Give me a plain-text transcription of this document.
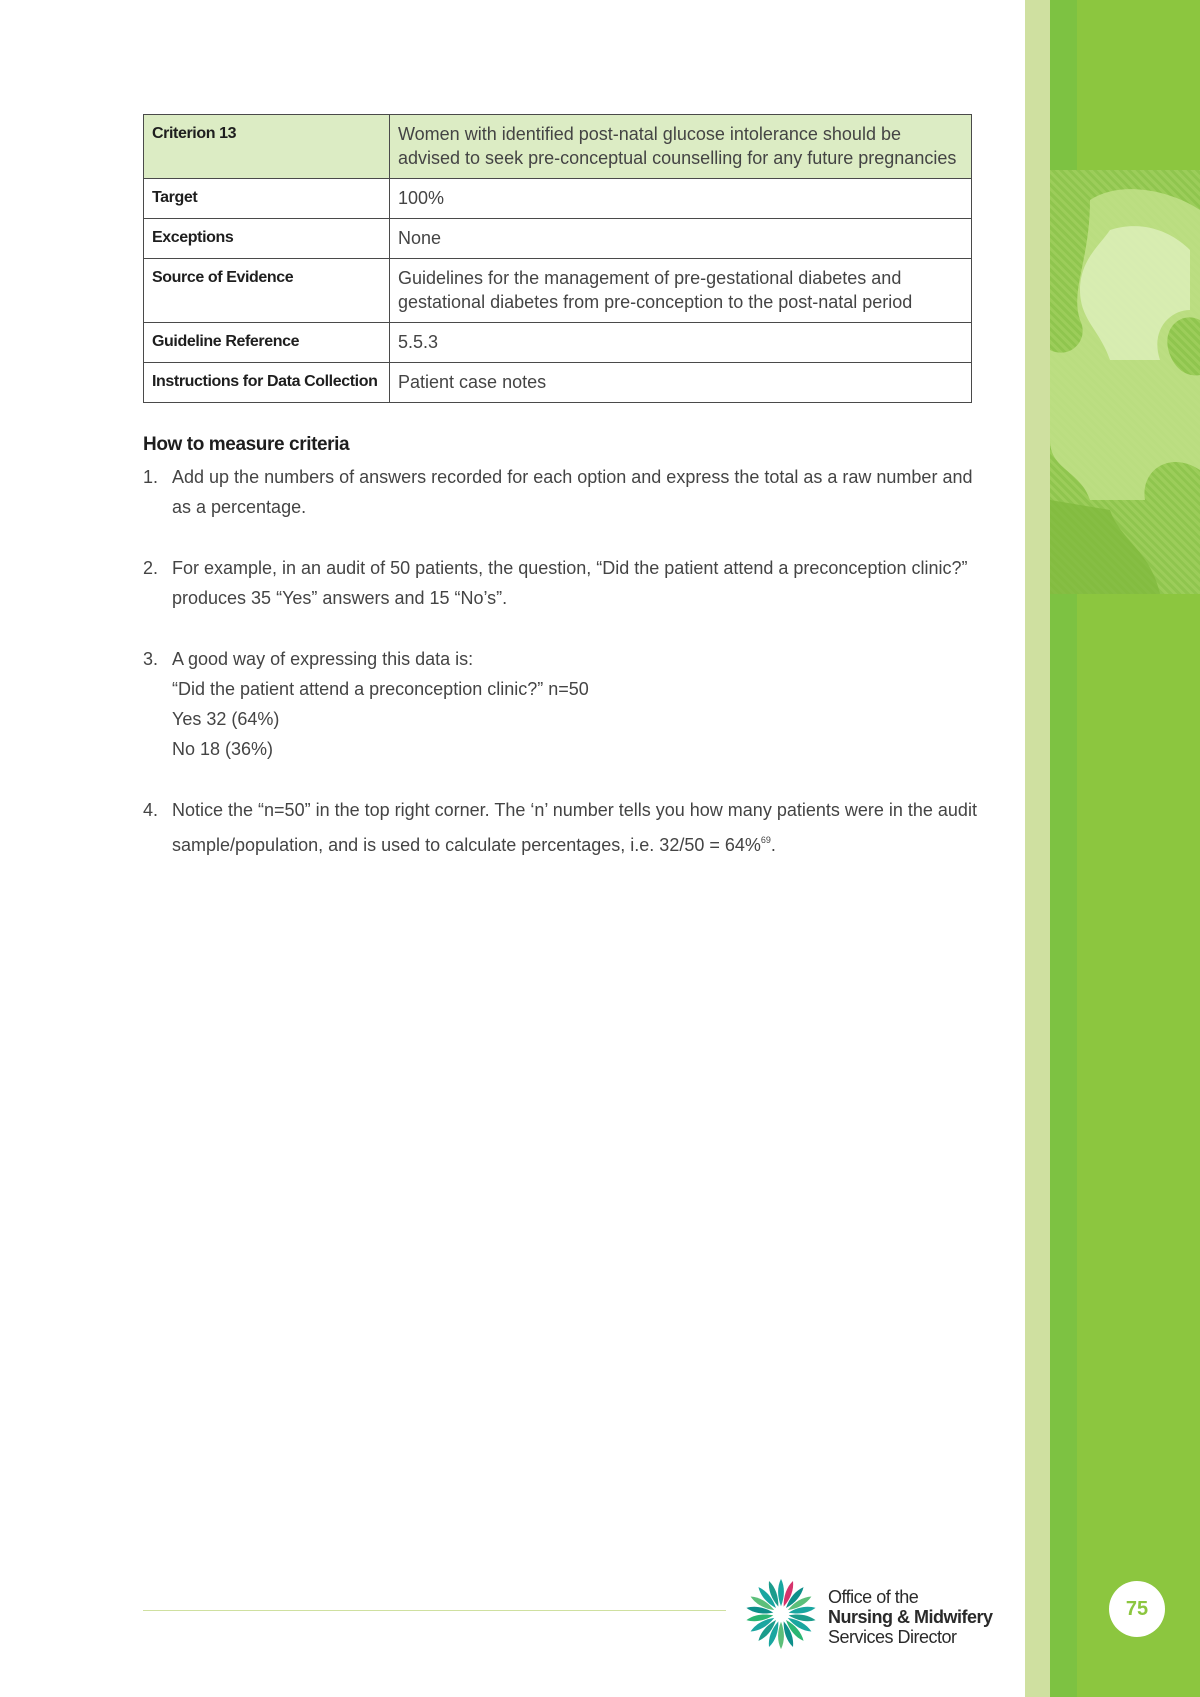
Criterion 13	Women with identified post-natal glucose intolerance should be
advised to seek pre-conceptual counselling for any future pregnancies

Target	100%
Exceptions	None
Source of Evidence	Guidelines for the management of pre-gestational diabetes and
gestational diabetes from pre-conception to the post-natal period

Guideline Reference	5.5.3
Instructions for Data Collection	Patient case notes
How to measure criteria
1. Add up the numbers of answers recorded for each option and express the total as a raw number and
as a percentage.
2. For example, in an audit of 50 patients, the question, “Did the patient attend a preconception clinic?”
produces 35 “Yes” answers and 15 “No’s”.
3. A good way of expressing this data is:
“Did the patient attend a preconception clinic?” n=50
Yes 32 (64%)
No 18 (36%)
4. Notice the “n=50” in the top right corner. The ‘n’ number tells you how many patients were in the audit
sample/population, and is used to calculate percentages, i.e. 32/50 = 64%$^{69}$.
Office of the
Nursing & Midwifery
Services Director
75
